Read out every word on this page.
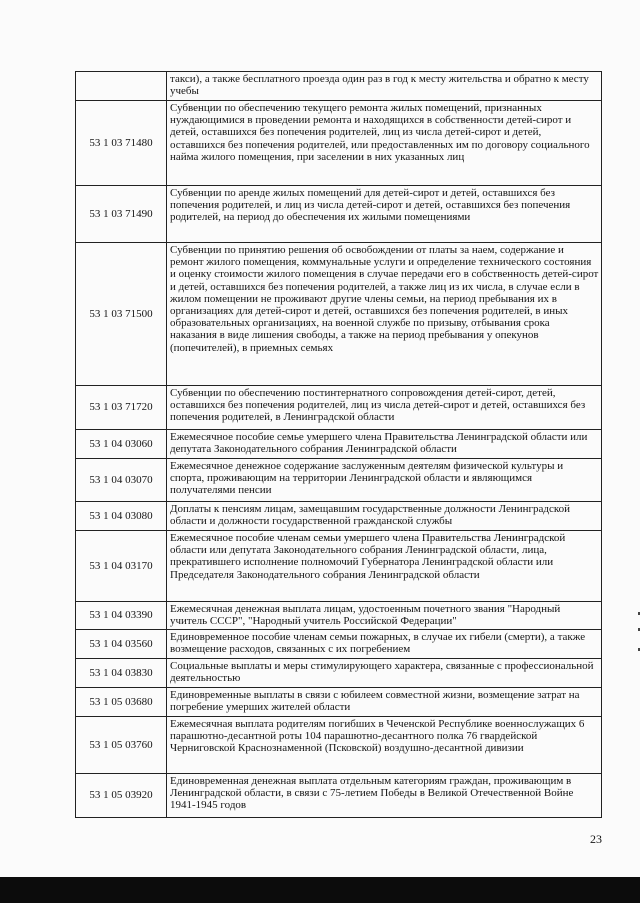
	такси), а также бесплатного проезда один раз в год к месту жительства и обратно к месту учебы
53 1 03 71480	Субвенции по обеспечению текущего ремонта жилых помещений, признанных нуждающимися в проведении ремонта и находящихся в собственности детей-сирот и детей, оставшихся без попечения родителей, лиц из числа детей-сирот и детей, оставшихся без попечения родителей, или предоставленных им по договору социального найма жилого помещения, при заселении в них указанных лиц
53 1 03 71490	Субвенции по аренде жилых помещений для детей-сирот и детей, оставшихся без попечения родителей, и лиц из числа детей-сирот и детей, оставшихся без попечения родителей, на период до обеспечения их жилыми помещениями
53 1 03 71500	Субвенции по принятию решения об освобождении от платы за наем, содержание и ремонт жилого помещения, коммунальные услуги и определение технического состояния и оценку стоимости жилого помещения в случае передачи его в собственность детей-сирот и детей, оставшихся без попечения родителей, а также лиц из их числа, в случае если в жилом помещении не проживают другие члены семьи, на период пребывания их в организациях для детей-сирот и детей, оставшихся без попечения родителей, в иных образовательных организациях, на военной службе по призыву, отбывания срока наказания в виде лишения свободы, а также на период пребывания у опекунов (попечителей), в приемных семьях
53 1 03 71720	Субвенции по обеспечению постинтернатного сопровождения детей-сирот, детей, оставшихся без попечения родителей, лиц из числа детей-сирот и детей, оставшихся без попечения родителей, в Ленинградской области
53 1 04 03060	Ежемесячное пособие семье умершего члена Правительства Ленинградской области или депутата Законодательного собрания Ленинградской области
53 1 04 03070	Ежемесячное денежное содержание заслуженным деятелям физической культуры и спорта, проживающим на территории Ленинградской области и являющимся получателями пенсии
53 1 04 03080	Доплаты к пенсиям лицам, замещавшим государственные должности Ленинградской области и должности государственной гражданской службы
53 1 04 03170	Ежемесячное пособие членам семьи умершего члена Правительства Ленинградской области или депутата Законодательного собрания Ленинградской области, лица, прекратившего исполнение полномочий Губернатора Ленинградской области или Председателя Законодательного собрания Ленинградской области
53 1 04 03390	Ежемесячная денежная выплата лицам, удостоенным почетного звания "Народный учитель СССР", "Народный учитель Российской Федерации"
53 1 04 03560	Единовременное пособие членам семьи пожарных, в случае их гибели (смерти), а также возмещение расходов, связанных с их погребением
53 1 04 03830	Социальные выплаты и меры стимулирующего характера, связанные с профессиональной деятельностью
53 1 05 03680	Единовременные выплаты в связи с юбилеем совместной жизни, возмещение затрат на погребение умерших жителей области
53 1 05 03760	Ежемесячная выплата родителям погибших в Чеченской Республике военнослужащих 6 парашютно-десантной роты 104 парашютно-десантного полка 76 гвардейской Черниговской Краснознаменной (Псковской) воздушно-десантной дивизии
53 1 05 03920	Единовременная денежная выплата отдельным категориям граждан, проживающим в Ленинградской области, в связи с 75-летием Победы в Великой Отечественной Войне 1941-1945 годов
23
